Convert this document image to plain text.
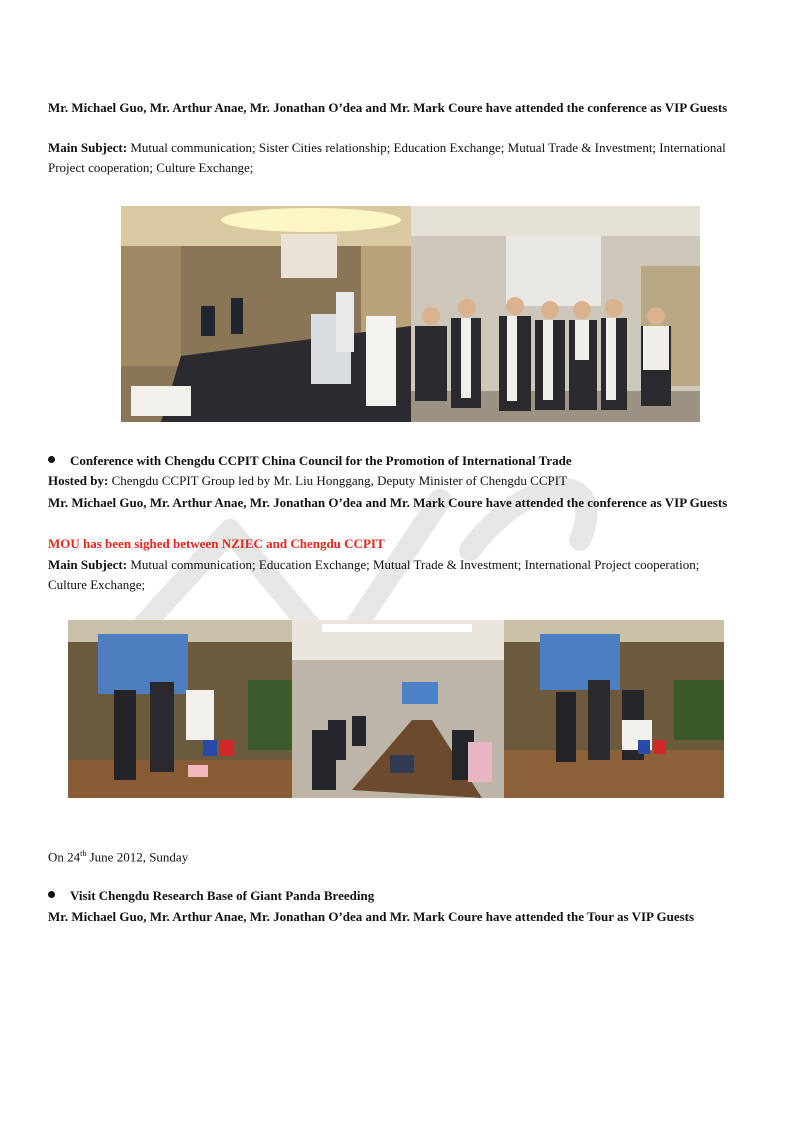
Mr. Michael Guo, Mr. Arthur Anae, Mr. Jonathan O’dea and Mr. Mark Coure have attended the conference as VIP Guests

Main Subject: Mutual communication; Sister Cities relationship; Education Exchange; Mutual Trade & Investment; International Project cooperation; Culture Exchange;

Conference with Chengdu CCPIT China Council for the Promotion of International Trade

Hosted by: Chengdu CCPIT Group led by Mr. Liu Honggang, Deputy Minister of Chengdu CCPIT

Mr. Michael Guo, Mr. Arthur Anae, Mr. Jonathan O’dea and Mr. Mark Coure have attended the conference as VIP Guests

MOU has been sighed between NZIEC and Chengdu CCPIT

Main Subject: Mutual communication; Education Exchange; Mutual Trade & Investment; International Project cooperation; Culture Exchange;

On 24th June 2012, Sunday

Visit Chengdu Research Base of Giant Panda Breeding

Mr. Michael Guo, Mr. Arthur Anae, Mr. Jonathan O’dea and Mr. Mark Coure have attended the Tour as VIP Guests
